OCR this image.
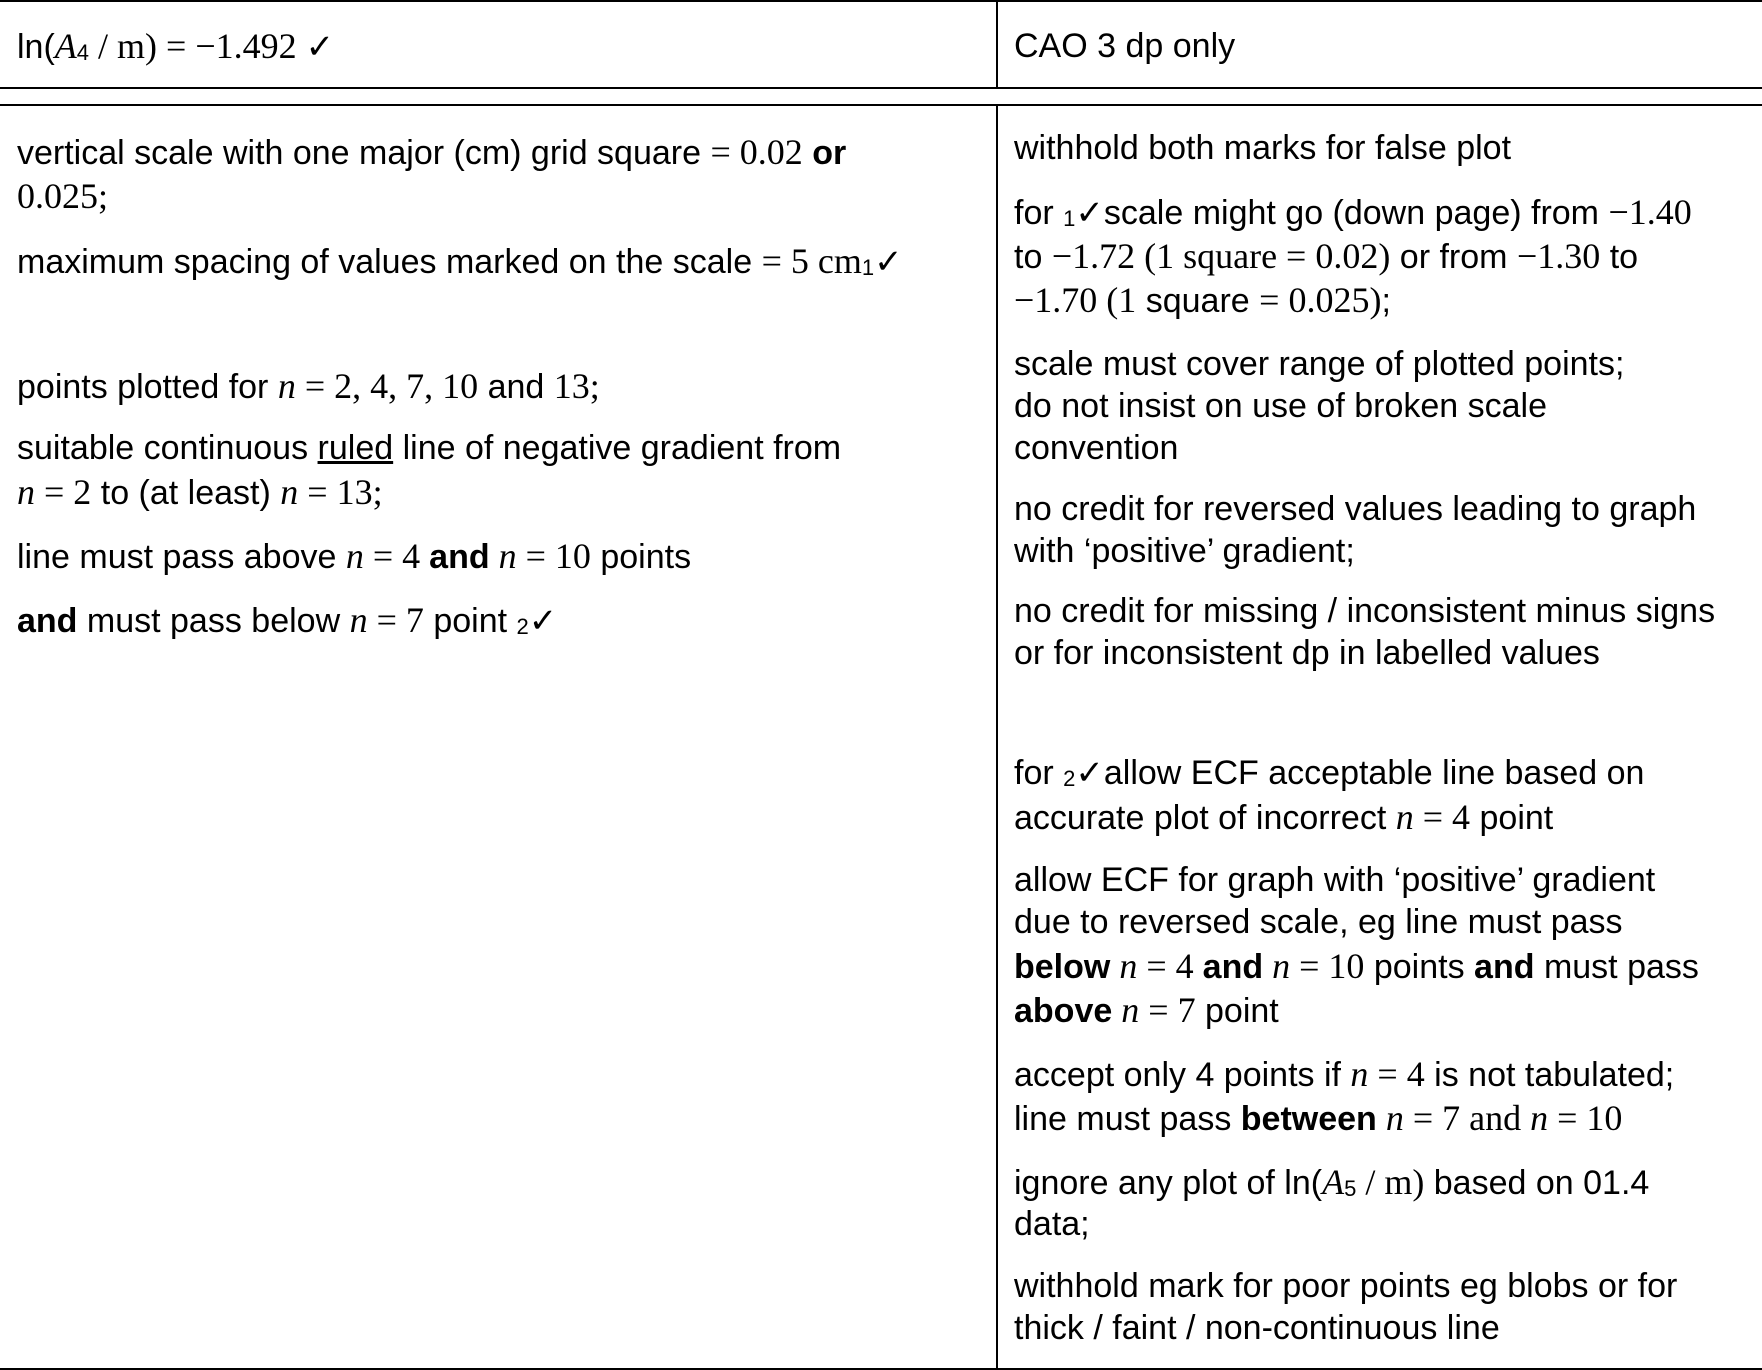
ln(A4 / m) = −1.492 ✓	CAO 3 dp only

vertical scale with one major (cm) grid square = 0.02 or

0.025;

maximum spacing of values marked on the scale = 5 cm1✓

points plotted for n = 2, 4, 7, 10 and 13;

suitable continuous ruled line of negative gradient from

n = 2 to (at least) n = 13;

line must pass above n = 4 and n = 10 points

and must pass below n = 7 point 2✓

withhold both marks for false plot

for 1✓scale might go (down page) from −1.40

to −1.72 (1 square = 0.02) or from −1.30 to

−1.70 (1 square = 0.025);

scale must cover range of plotted points;

do not insist on use of broken scale

convention

no credit for reversed values leading to graph

with ‘positive’ gradient;

no credit for missing / inconsistent minus signs

or for inconsistent dp in labelled values

for 2✓allow ECF acceptable line based on

accurate plot of incorrect n = 4 point

allow ECF for graph with ‘positive’ gradient

due to reversed scale, eg line must pass

below n = 4 and n = 10 points and must pass

above n = 7 point

accept only 4 points if n = 4 is not tabulated;

line must pass between n = 7 and n = 10

ignore any plot of ln(A5 / m) based on 01.4

data;

withhold mark for poor points eg blobs or for

thick / faint / non-continuous line
